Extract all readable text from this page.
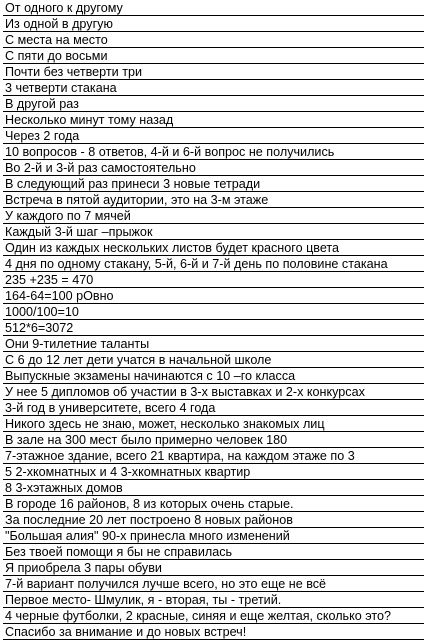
От одного к другому
Из одной в другую
С места на место
С пяти до восьми
Почти без четверти три
3 четверти стакана
В другой раз
Несколько минут тому назад
Через 2 года
10 вопросов - 8 ответов, 4-й и 6-й вопрос не получились
Во 2-й и 3-й раз самостоятельно
В следующий раз принеси 3 новые тетради
Встреча в пятой аудитории, это на 3-м этаже
У каждого по 7 мячей
Каждый 3-й шаг –прыжок
Один из каждых нескольких листов будет красного цвета
4 дня по одному стакану, 5-й, 6-й и 7-й день по половине стакана
235 +235 = 470
164-64=100 рОвно
1000/100=10
512*6=3072
Они 9-тилетние таланты
С 6 до 12 лет дети учатся в начальной школе
Выпускные экзамены начинаются с 10 –го класса
У нее 5 дипломов об участии в 3-х выставках и 2-х конкурсах
3-й год в университете, всего 4 года
Никого здесь не знаю, может, несколько знакомых лиц
В зале на 300 мест было примерно человек 180
7-этажное здание, всего 21 квартира, на каждом этаже по 3
5 2-хкомнатных и 4 3-хкомнатных квартир
8 3-хэтажных домов
В городе 16 районов, 8 из которых очень старые.
За последние 20 лет построено 8 новых районов
"Большая алия" 90-х принесла много изменений
Без твоей помощи я бы не справилась
Я приобрела 3 пары обуви
7-й вариант получился лучше всего, но это еще не всё
Первое место- Шмулик, я - вторая, ты - третий.
4 черные футболки, 2 красные, синяя и еще желтая, сколько это?
Спасибо за внимание и до новых встреч!
